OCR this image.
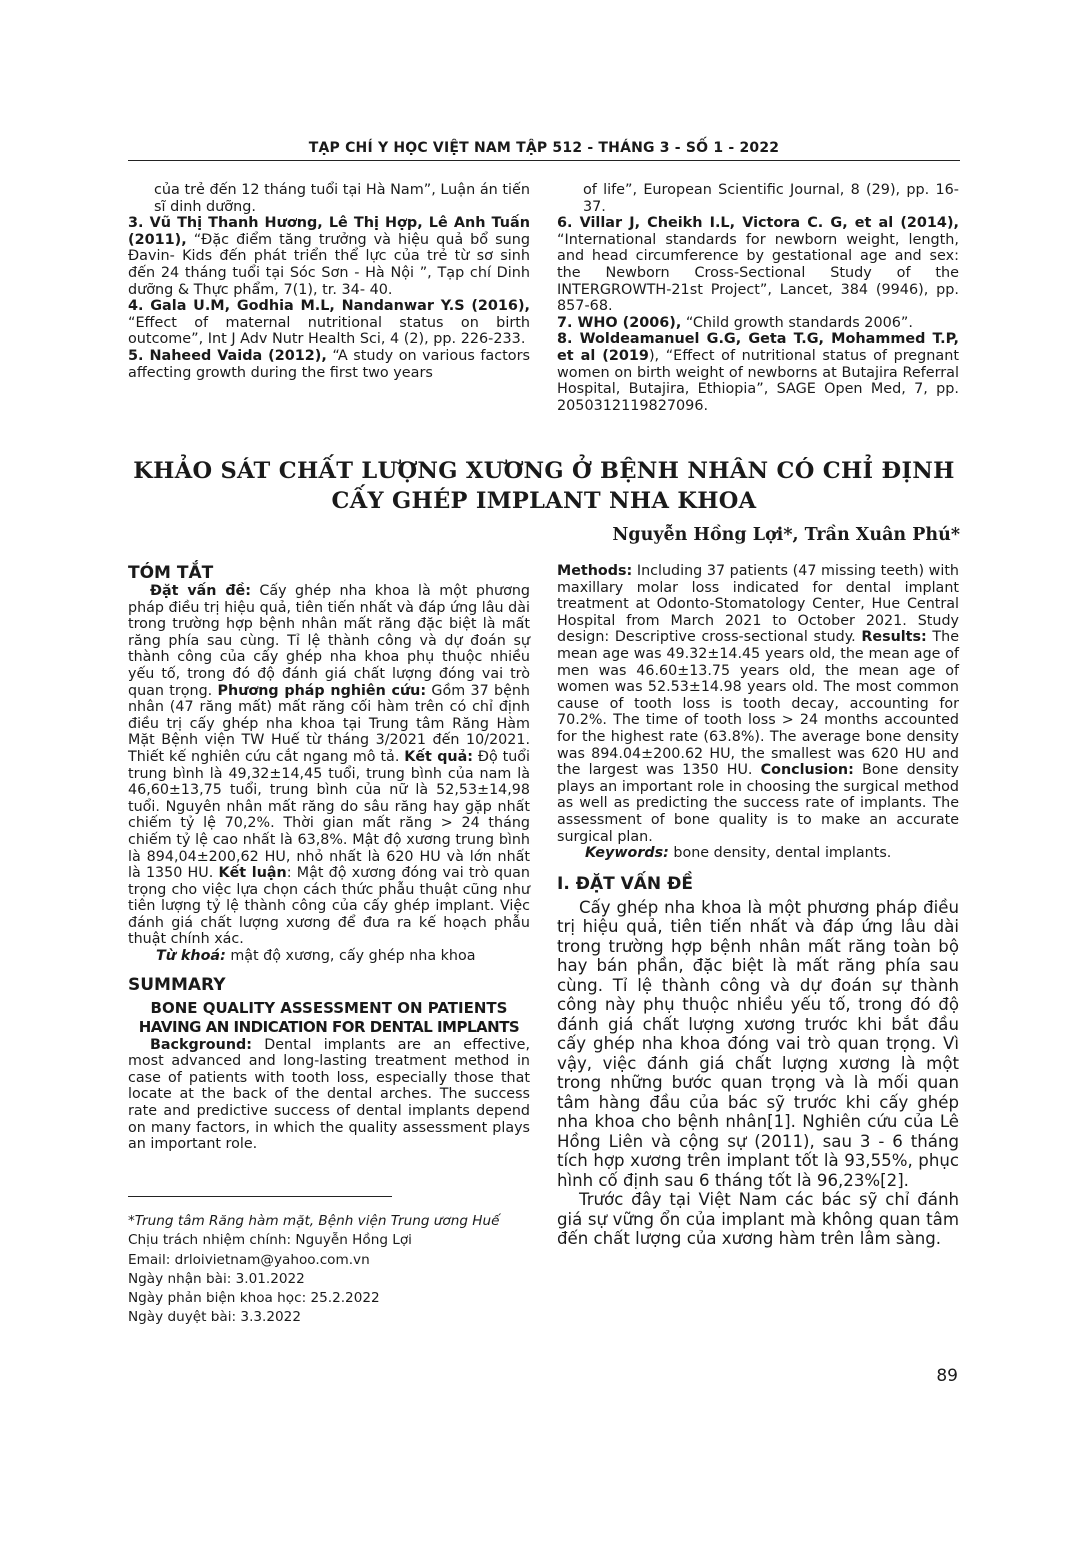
TẠP CHÍ Y HỌC VIỆT NAM TẬP 512 - THÁNG 3 - SỐ 1 - 2022

của trẻ đến 12 tháng tuổi tại Hà Nam”, Luận án tiến sĩ dinh dưỡng.

3. Vũ Thị Thanh Hương, Lê Thị Hợp, Lê Anh Tuấn (2011), “Đặc điểm tăng trưởng và hiệu quả bổ sung Đavin- Kids đến phát triển thể lực của trẻ từ sơ sinh đến 24 tháng tuổi tại Sóc Sơn - Hà Nội ”, Tạp chí Dinh dưỡng & Thực phẩm, 7(1), tr. 34- 40.

4. Gala U.M, Godhia M.L, Nandanwar Y.S (2016), “Effect of maternal nutritional status on birth outcome”, Int J Adv Nutr Health Sci, 4 (2), pp. 226-233.

5. Naheed Vaida (2012), “A study on various factors affecting growth during the first two years

of life”, European Scientific Journal, 8 (29), pp. 16-37.

6. Villar J, Cheikh I.L, Victora C. G, et al (2014), “International standards for newborn weight, length, and head circumference by gestational age and sex: the Newborn Cross-Sectional Study of the INTERGROWTH-21st Project”, Lancet, 384 (9946), pp. 857-68.

7. WHO (2006), “Child growth standards 2006”.

8. Woldeamanuel G.G, Geta T.G, Mohammed T.P, et al (2019), “Effect of nutritional status of pregnant women on birth weight of newborns at Butajira Referral Hospital, Butajira, Ethiopia”, SAGE Open Med, 7, pp. 2050312119827096.

KHẢO SÁT CHẤT LƯỢNG XƯƠNG Ở BỆNH NHÂN CÓ CHỈ ĐỊNH
CẤY GHÉP IMPLANT NHA KHOA
Nguyễn Hồng Lợi*, Trần Xuân Phú*

TÓM TẮT

Đặt vấn đề: Cấy ghép nha khoa là một phương pháp điều trị hiệu quả, tiên tiến nhất và đáp ứng lâu dài trong trường hợp bệnh nhân mất răng đặc biệt là mất răng phía sau cùng. Tỉ lệ thành công và dự đoán sự thành công của cấy ghép nha khoa phụ thuộc nhiều yếu tố, trong đó độ đánh giá chất lượng đóng vai trò quan trọng. Phương pháp nghiên cứu: Gồm 37 bệnh nhân (47 răng mất) mất răng cối hàm trên có chỉ định điều trị cấy ghép nha khoa tại Trung tâm Răng Hàm Mặt Bệnh viện TW Huế từ tháng 3/2021 đến 10/2021. Thiết kế nghiên cứu cắt ngang mô tả. Kết quả: Độ tuổi trung bình là 49,32±14,45 tuổi, trung bình của nam là 46,60±13,75 tuổi, trung bình của nữ là 52,53±14,98 tuổi. Nguyên nhân mất răng do sâu răng hay gặp nhất chiếm tỷ lệ 70,2%. Thời gian mất răng > 24 tháng chiếm tỷ lệ cao nhất là 63,8%. Mật độ xương trung bình là 894,04±200,62 HU, nhỏ nhất là 620 HU và lớn nhất là 1350 HU. Kết luận: Mật độ xương đóng vai trò quan trọng cho việc lựa chọn cách thức phẫu thuật cũng như tiên lượng tỷ lệ thành công của cấy ghép implant. Việc đánh giá chất lượng xương để đưa ra kế hoạch phẫu thuật chính xác.

Từ khoá: mật độ xương, cấy ghép nha khoa

SUMMARY

BONE QUALITY ASSESSMENT ON PATIENTS

HAVING AN INDICATION FOR DENTAL IMPLANTS

Background: Dental implants are an effective, most advanced and long-lasting treatment method in case of patients with tooth loss, especially those that locate at the back of the dental arches. The success rate and predictive success of dental implants depend on many factors, in which the quality assessment plays an important role.

Methods: Including 37 patients (47 missing teeth) with maxillary molar loss indicated for dental implant treatment at Odonto-Stomatology Center, Hue Central Hospital from March 2021 to October 2021. Study design: Descriptive cross-sectional study. Results: The mean age was 49.32±14.45 years old, the mean age of men was 46.60±13.75 years old, the mean age of women was 52.53±14.98 years old. The most common cause of tooth loss is tooth decay, accounting for 70.2%. The time of tooth loss > 24 months accounted for the highest rate (63.8%). The average bone density was 894.04±200.62 HU, the smallest was 620 HU and the largest was 1350 HU. Conclusion: Bone density plays an important role in choosing the surgical method as well as predicting the success rate of implants. The assessment of bone quality is to make an accurate surgical plan.

Keywords: bone density, dental implants.

I. ĐẶT VẤN ĐỀ

Cấy ghép nha khoa là một phương pháp điều trị hiệu quả, tiên tiến nhất và đáp ứng lâu dài trong trường hợp bệnh nhân mất răng toàn bộ hay bán phần, đặc biệt là mất răng phía sau cùng. Tỉ lệ thành công và dự đoán sự thành công này phụ thuộc nhiều yếu tố, trong đó độ đánh giá chất lượng xương trước khi bắt đầu cấy ghép nha khoa đóng vai trò quan trọng. Vì vậy, việc đánh giá chất lượng xương là một trong những bước quan trọng và là mối quan tâm hàng đầu của bác sỹ trước khi cấy ghép nha khoa cho bệnh nhân[1]. Nghiên cứu của Lê Hồng Liên và cộng sự (2011), sau 3 - 6 tháng tích hợp xương trên implant tốt là 93,55%, phục hình cố định sau 6 tháng tốt là 96,23%[2].

Trước đây tại Việt Nam các bác sỹ chỉ đánh giá sự vững ổn của implant mà không quan tâm đến chất lượng của xương hàm trên lâm sàng.

*Trung tâm Răng hàm mặt, Bệnh viện Trung ương Huế
Chịu trách nhiệm chính: Nguyễn Hồng Lợi
Email: drloivietnam@yahoo.com.vn
Ngày nhận bài: 3.01.2022
Ngày phản biện khoa học: 25.2.2022
Ngày duyệt bài: 3.3.2022
89
